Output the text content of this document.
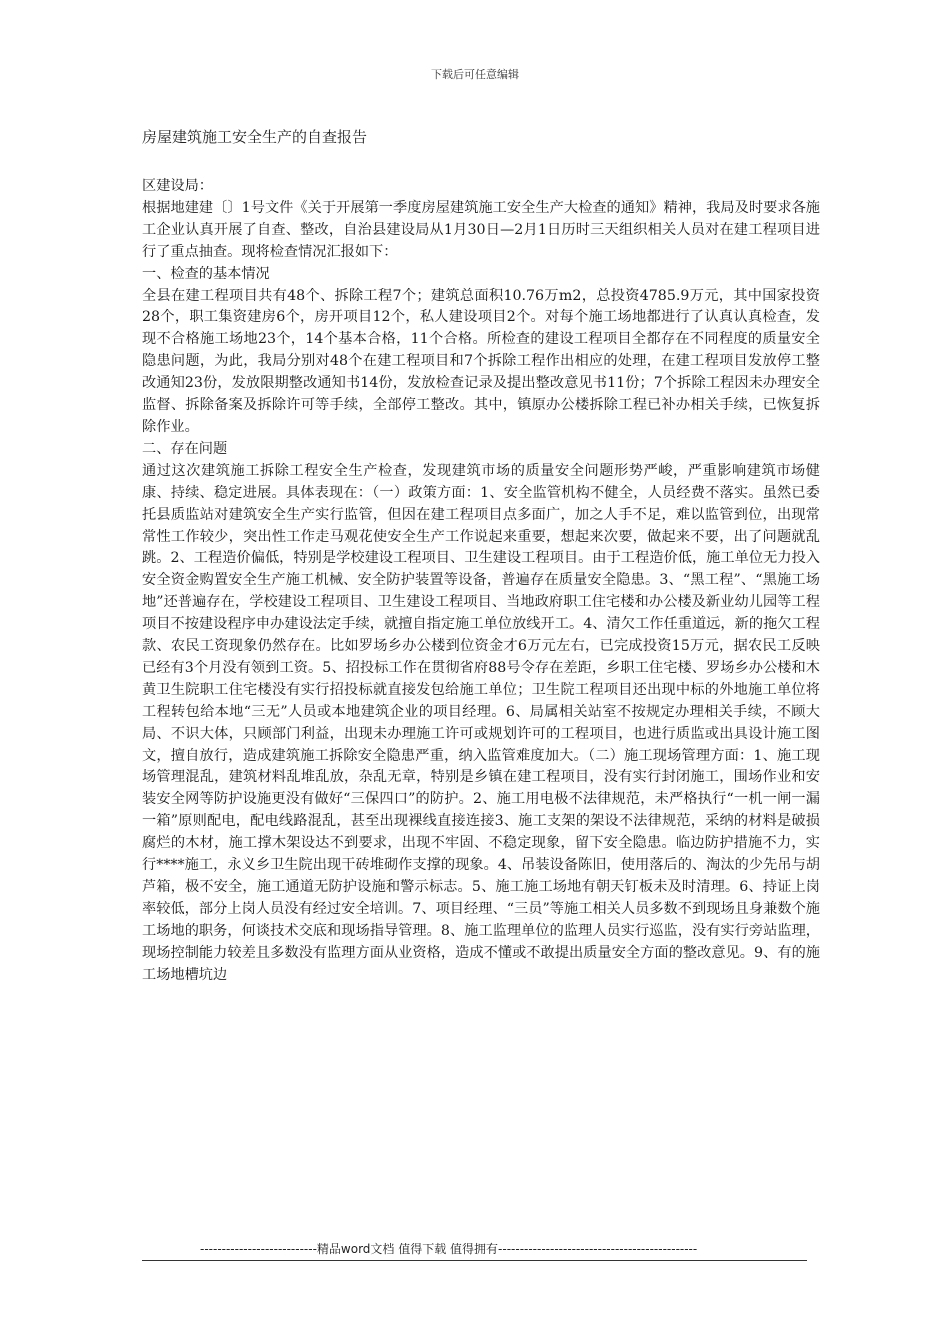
下载后可任意编辑
房屋建筑施工安全生产的自查报告

区建设局：

根据地建建〔〕1号文件《关于开展第一季度房屋建筑施工安全生产大检查的通知》精神，我局及时要求各施工企业认真开展了自查、整改，自治县建设局从1月30日—2月1日历时三天组织相关人员对在建工程项目进行了重点抽查。现将检查情况汇报如下：

一、检查的基本情况

全县在建工程项目共有48个、拆除工程7个；建筑总面积10.76万m2，总投资4785.9万元，其中国家投资28个，职工集资建房6个，房开项目12个，私人建设项目2个。对每个施工场地都进行了认真认真检查，发现不合格施工场地23个，14个基本合格，11个合格。所检查的建设工程项目全都存在不同程度的质量安全隐患问题，为此，我局分别对48个在建工程项目和7个拆除工程作出相应的处理，在建工程项目发放停工整改通知23份，发放限期整改通知书14份，发放检查记录及提出整改意见书11份；7个拆除工程因未办理安全监督、拆除备案及拆除许可等手续，全部停工整改。其中，镇原办公楼拆除工程已补办相关手续，已恢复拆除作业。

二、存在问题

通过这次建筑施工拆除工程安全生产检查，发现建筑市场的质量安全问题形势严峻，严重影响建筑市场健康、持续、稳定进展。具体表现在：（一）政策方面：1、安全监管机构不健全，人员经费不落实。虽然已委托县质监站对建筑安全生产实行监管，但因在建工程项目点多面广，加之人手不足，难以监管到位，出现常常性工作较少，突出性工作走马观花使安全生产工作说起来重要，想起来次要，做起来不要，出了问题就乱跳。2、工程造价偏低，特别是学校建设工程项目、卫生建设工程项目。由于工程造价低，施工单位无力投入安全资金购置安全生产施工机械、安全防护装置等设备，普遍存在质量安全隐患。3、“黑工程”、“黑施工场地”还普遍存在，学校建设工程项目、卫生建设工程项目、当地政府职工住宅楼和办公楼及新业幼儿园等工程项目不按建设程序申办建设法定手续，就擅自指定施工单位放线开工。4、清欠工作任重道远，新的拖欠工程款、农民工资现象仍然存在。比如罗场乡办公楼到位资金才6万元左右，已完成投资15万元，据农民工反映已经有3个月没有领到工资。5、招投标工作在贯彻省府88号令存在差距，乡职工住宅楼、罗场乡办公楼和木黄卫生院职工住宅楼没有实行招投标就直接发包给施工单位；卫生院工程项目还出现中标的外地施工单位将工程转包给本地“三无”人员或本地建筑企业的项目经理。6、局属相关站室不按规定办理相关手续，不顾大局、不识大体，只顾部门利益，出现未办理施工许可或规划许可的工程项目，也进行质监或出具设计施工图文，擅自放行，造成建筑施工拆除安全隐患严重，纳入监管难度加大。（二）施工现场管理方面：1、施工现场管理混乱，建筑材料乱堆乱放，杂乱无章，特别是乡镇在建工程项目，没有实行封闭施工，围场作业和安装安全网等防护设施更没有做好“三保四口”的防护。2、施工用电极不法律规范，未严格执行“一机一闸一漏一箱”原则配电，配电线路混乱，甚至出现裸线直接连接3、施工支架的架设不法律规范，采纳的材料是破损腐烂的木材，施工撑木架设达不到要求，出现不牢固、不稳定现象，留下安全隐患。临边防护措施不力，实行****施工，永义乡卫生院出现干砖堆砌作支撑的现象。4、吊装设备陈旧，使用落后的、淘汰的少先吊与胡芦箱，极不安全，施工通道无防护设施和警示标志。5、施工施工场地有朝天钉板未及时清理。6、持证上岗率较低，部分上岗人员没有经过安全培训。7、项目经理、“三员”等施工相关人员多数不到现场且身兼数个施工场地的职务，何谈技术交底和现场指导管理。8、施工监理单位的监理人员实行巡监，没有实行旁站监理，现场控制能力较差且多数没有监理方面从业资格，造成不懂或不敢提出质量安全方面的整改意见。9、有的施工场地槽坑边

---------------------------精品word文档 值得下载 值得拥有----------------------------------------------
